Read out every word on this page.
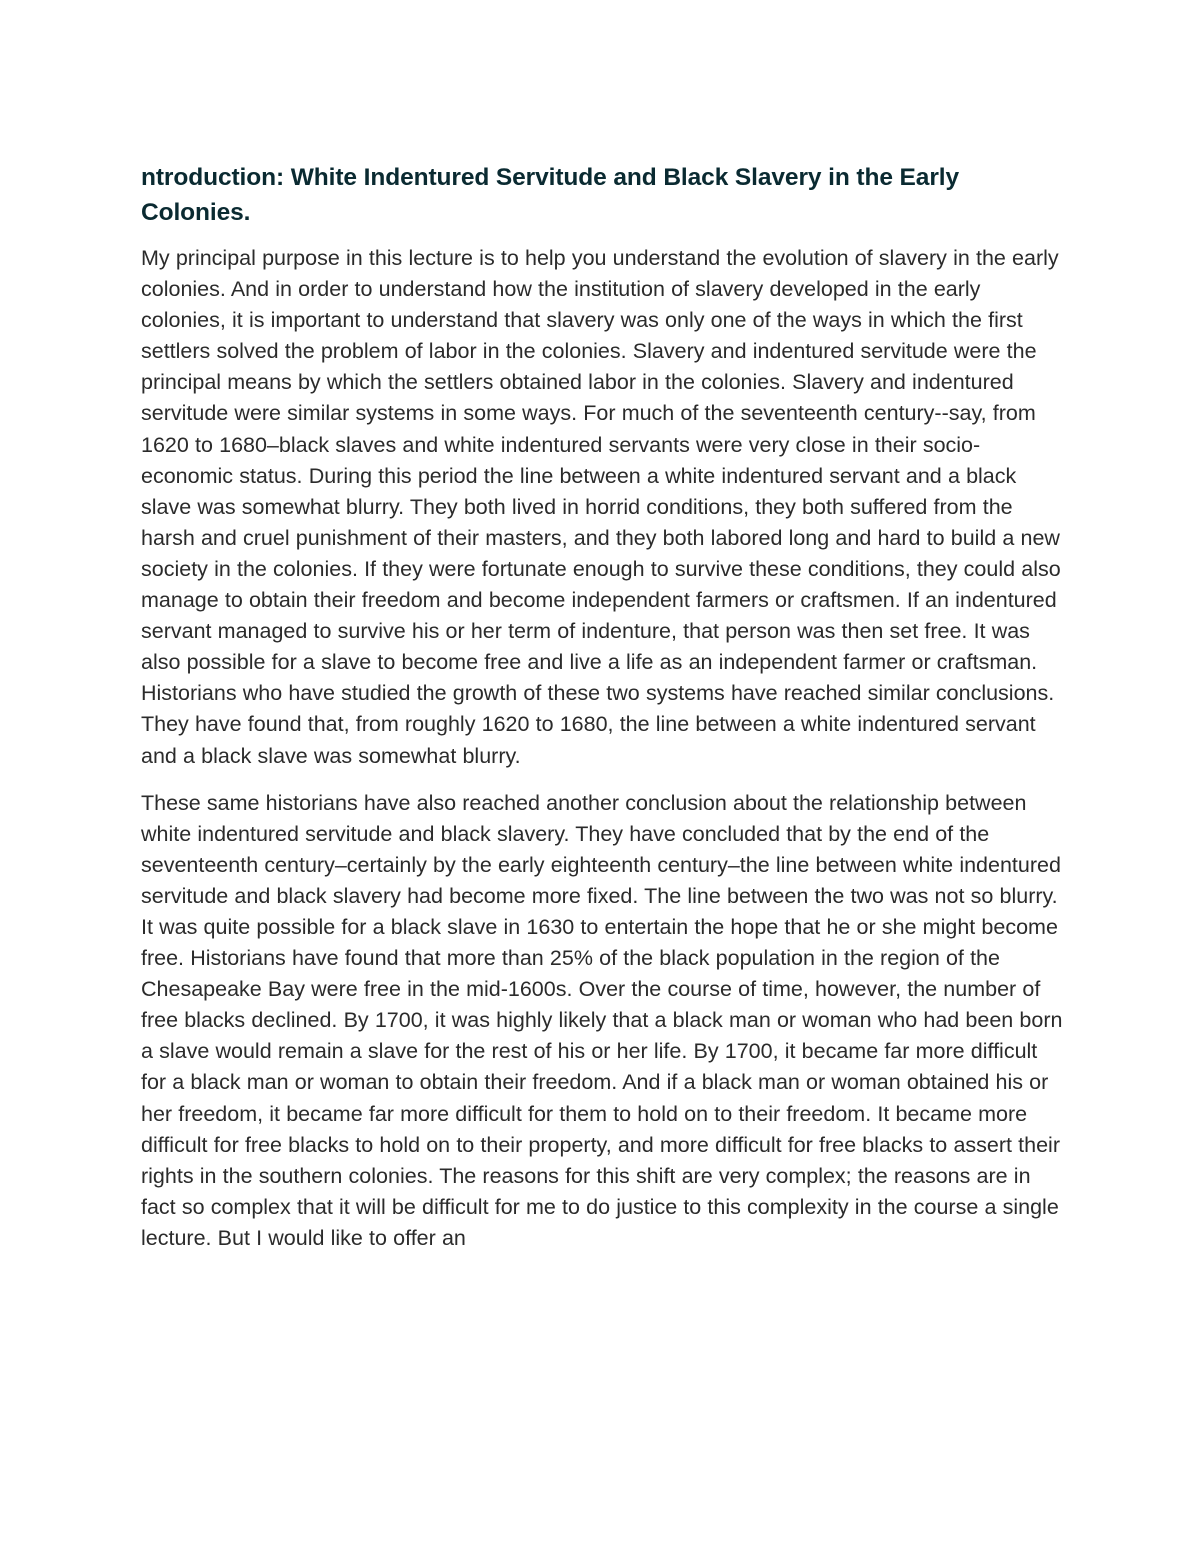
ntroduction: White Indentured Servitude and Black Slavery in the Early Colonies.

My principal purpose in this lecture is to help you understand the evolution of slavery in the early colonies. And in order to understand how the institution of slavery developed in the early colonies, it is important to understand that slavery was only one of the ways in which the first settlers solved the problem of labor in the colonies. Slavery and indentured servitude were the principal means by which the settlers obtained labor in the colonies. Slavery and indentured servitude were similar systems in some ways. For much of the seventeenth century--say, from 1620 to 1680–black slaves and white indentured servants were very close in their socio-economic status. During this period the line between a white indentured servant and a black slave was somewhat blurry. They both lived in horrid conditions, they both suffered from the harsh and cruel punishment of their masters, and they both labored long and hard to build a new society in the colonies. If they were fortunate enough to survive these conditions, they could also manage to obtain their freedom and become independent farmers or craftsmen. If an indentured servant managed to survive his or her term of indenture, that person was then set free. It was also possible for a slave to become free and live a life as an independent farmer or craftsman. Historians who have studied the growth of these two systems have reached similar conclusions. They have found that, from roughly 1620 to 1680, the line between a white indentured servant and a black slave was somewhat blurry.

These same historians have also reached another conclusion about the relationship between white indentured servitude and black slavery. They have concluded that by the end of the seventeenth century–certainly by the early eighteenth century–the line between white indentured servitude and black slavery had become more fixed. The line between the two was not so blurry. It was quite possible for a black slave in 1630 to entertain the hope that he or she might become free. Historians have found that more than 25% of the black population in the region of the Chesapeake Bay were free in the mid-1600s. Over the course of time, however, the number of free blacks declined. By 1700, it was highly likely that a black man or woman who had been born a slave would remain a slave for the rest of his or her life. By 1700, it became far more difficult for a black man or woman to obtain their freedom. And if a black man or woman obtained his or her freedom, it became far more difficult for them to hold on to their freedom. It became more difficult for free blacks to hold on to their property, and more difficult for free blacks to assert their rights in the southern colonies. The reasons for this shift are very complex; the reasons are in fact so complex that it will be difficult for me to do justice to this complexity in the course a single lecture. But I would like to offer an
